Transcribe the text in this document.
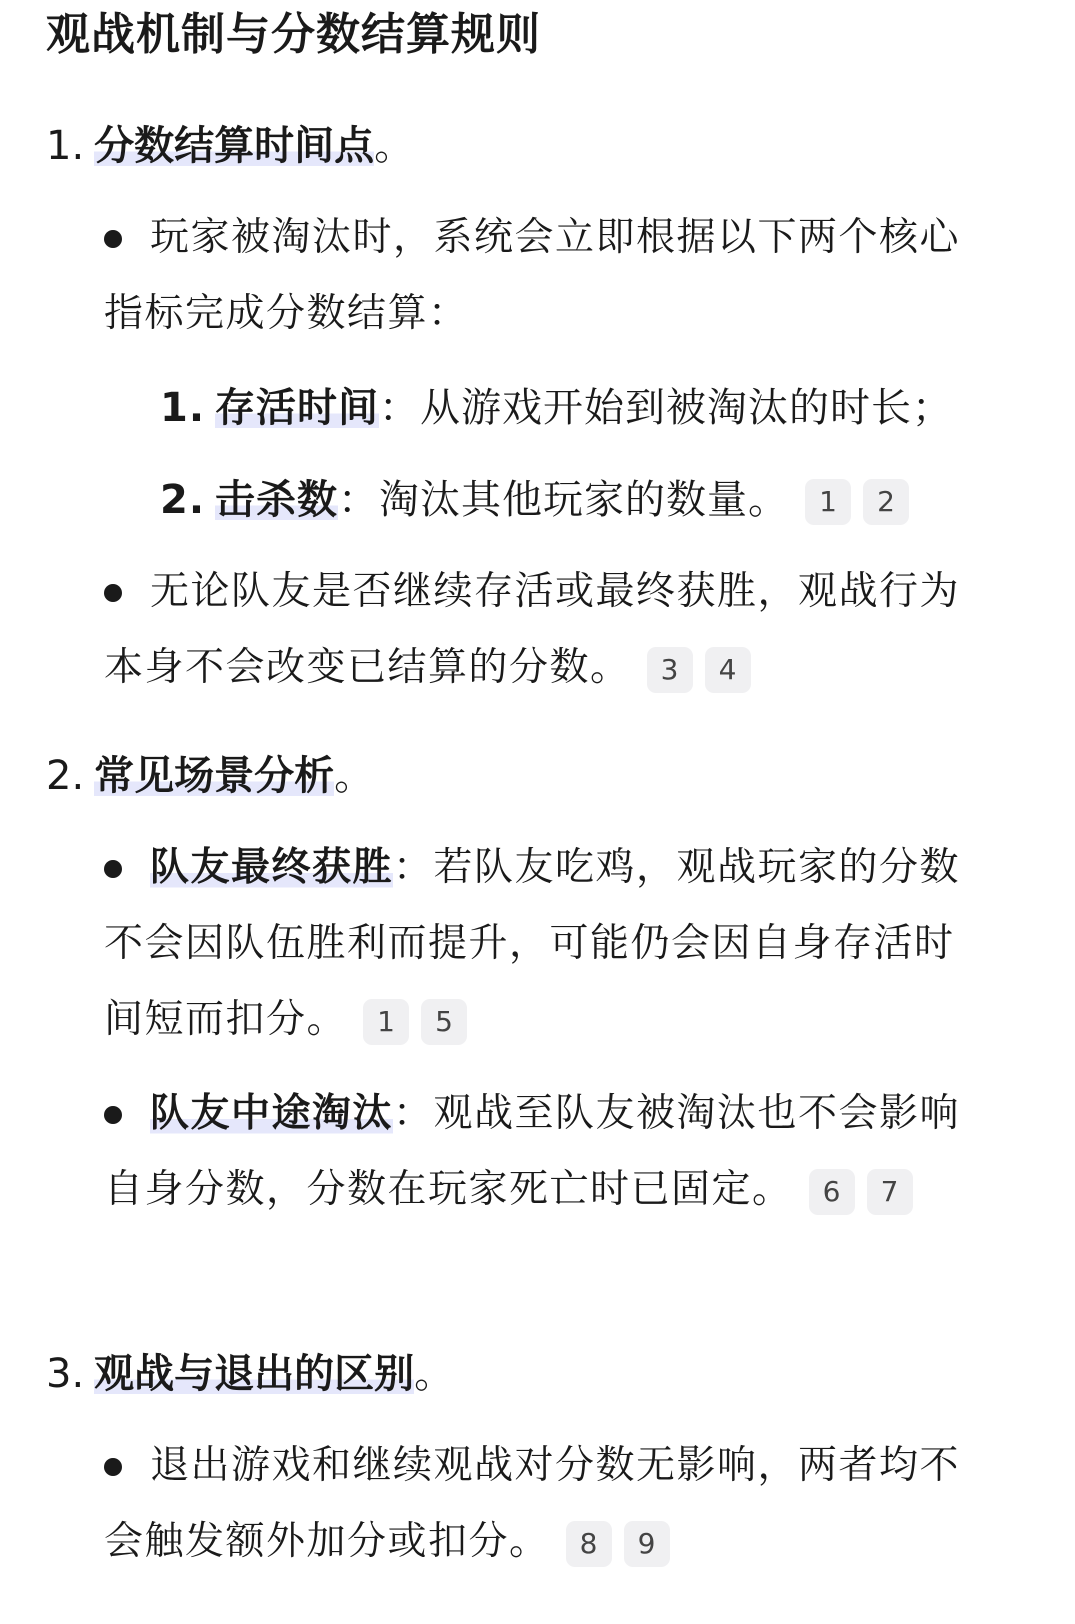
观战机制与分数结算规则
1. 分数结算时间点。
玩家被淘汰时，系统会立即根据以下两个核心指标完成分数结算：
1. 存活时间：从游戏开始到被淘汰的时长；
2. 击杀数：淘汰其他玩家的数量。 1 2
无论队友是否继续存活或最终获胜，观战行为本身不会改变已结算的分数。 3 4
2. 常见场景分析。
队友最终获胜：若队友吃鸡，观战玩家的分数不会因队伍胜利而提升，可能仍会因自身存活时间短而扣分。 1 5
队友中途淘汰：观战至队友被淘汰也不会影响自身分数，分数在玩家死亡时已固定。 6 7
3. 观战与退出的区别。
退出游戏和继续观战对分数无影响，两者均不会触发额外加分或扣分。 8 9
